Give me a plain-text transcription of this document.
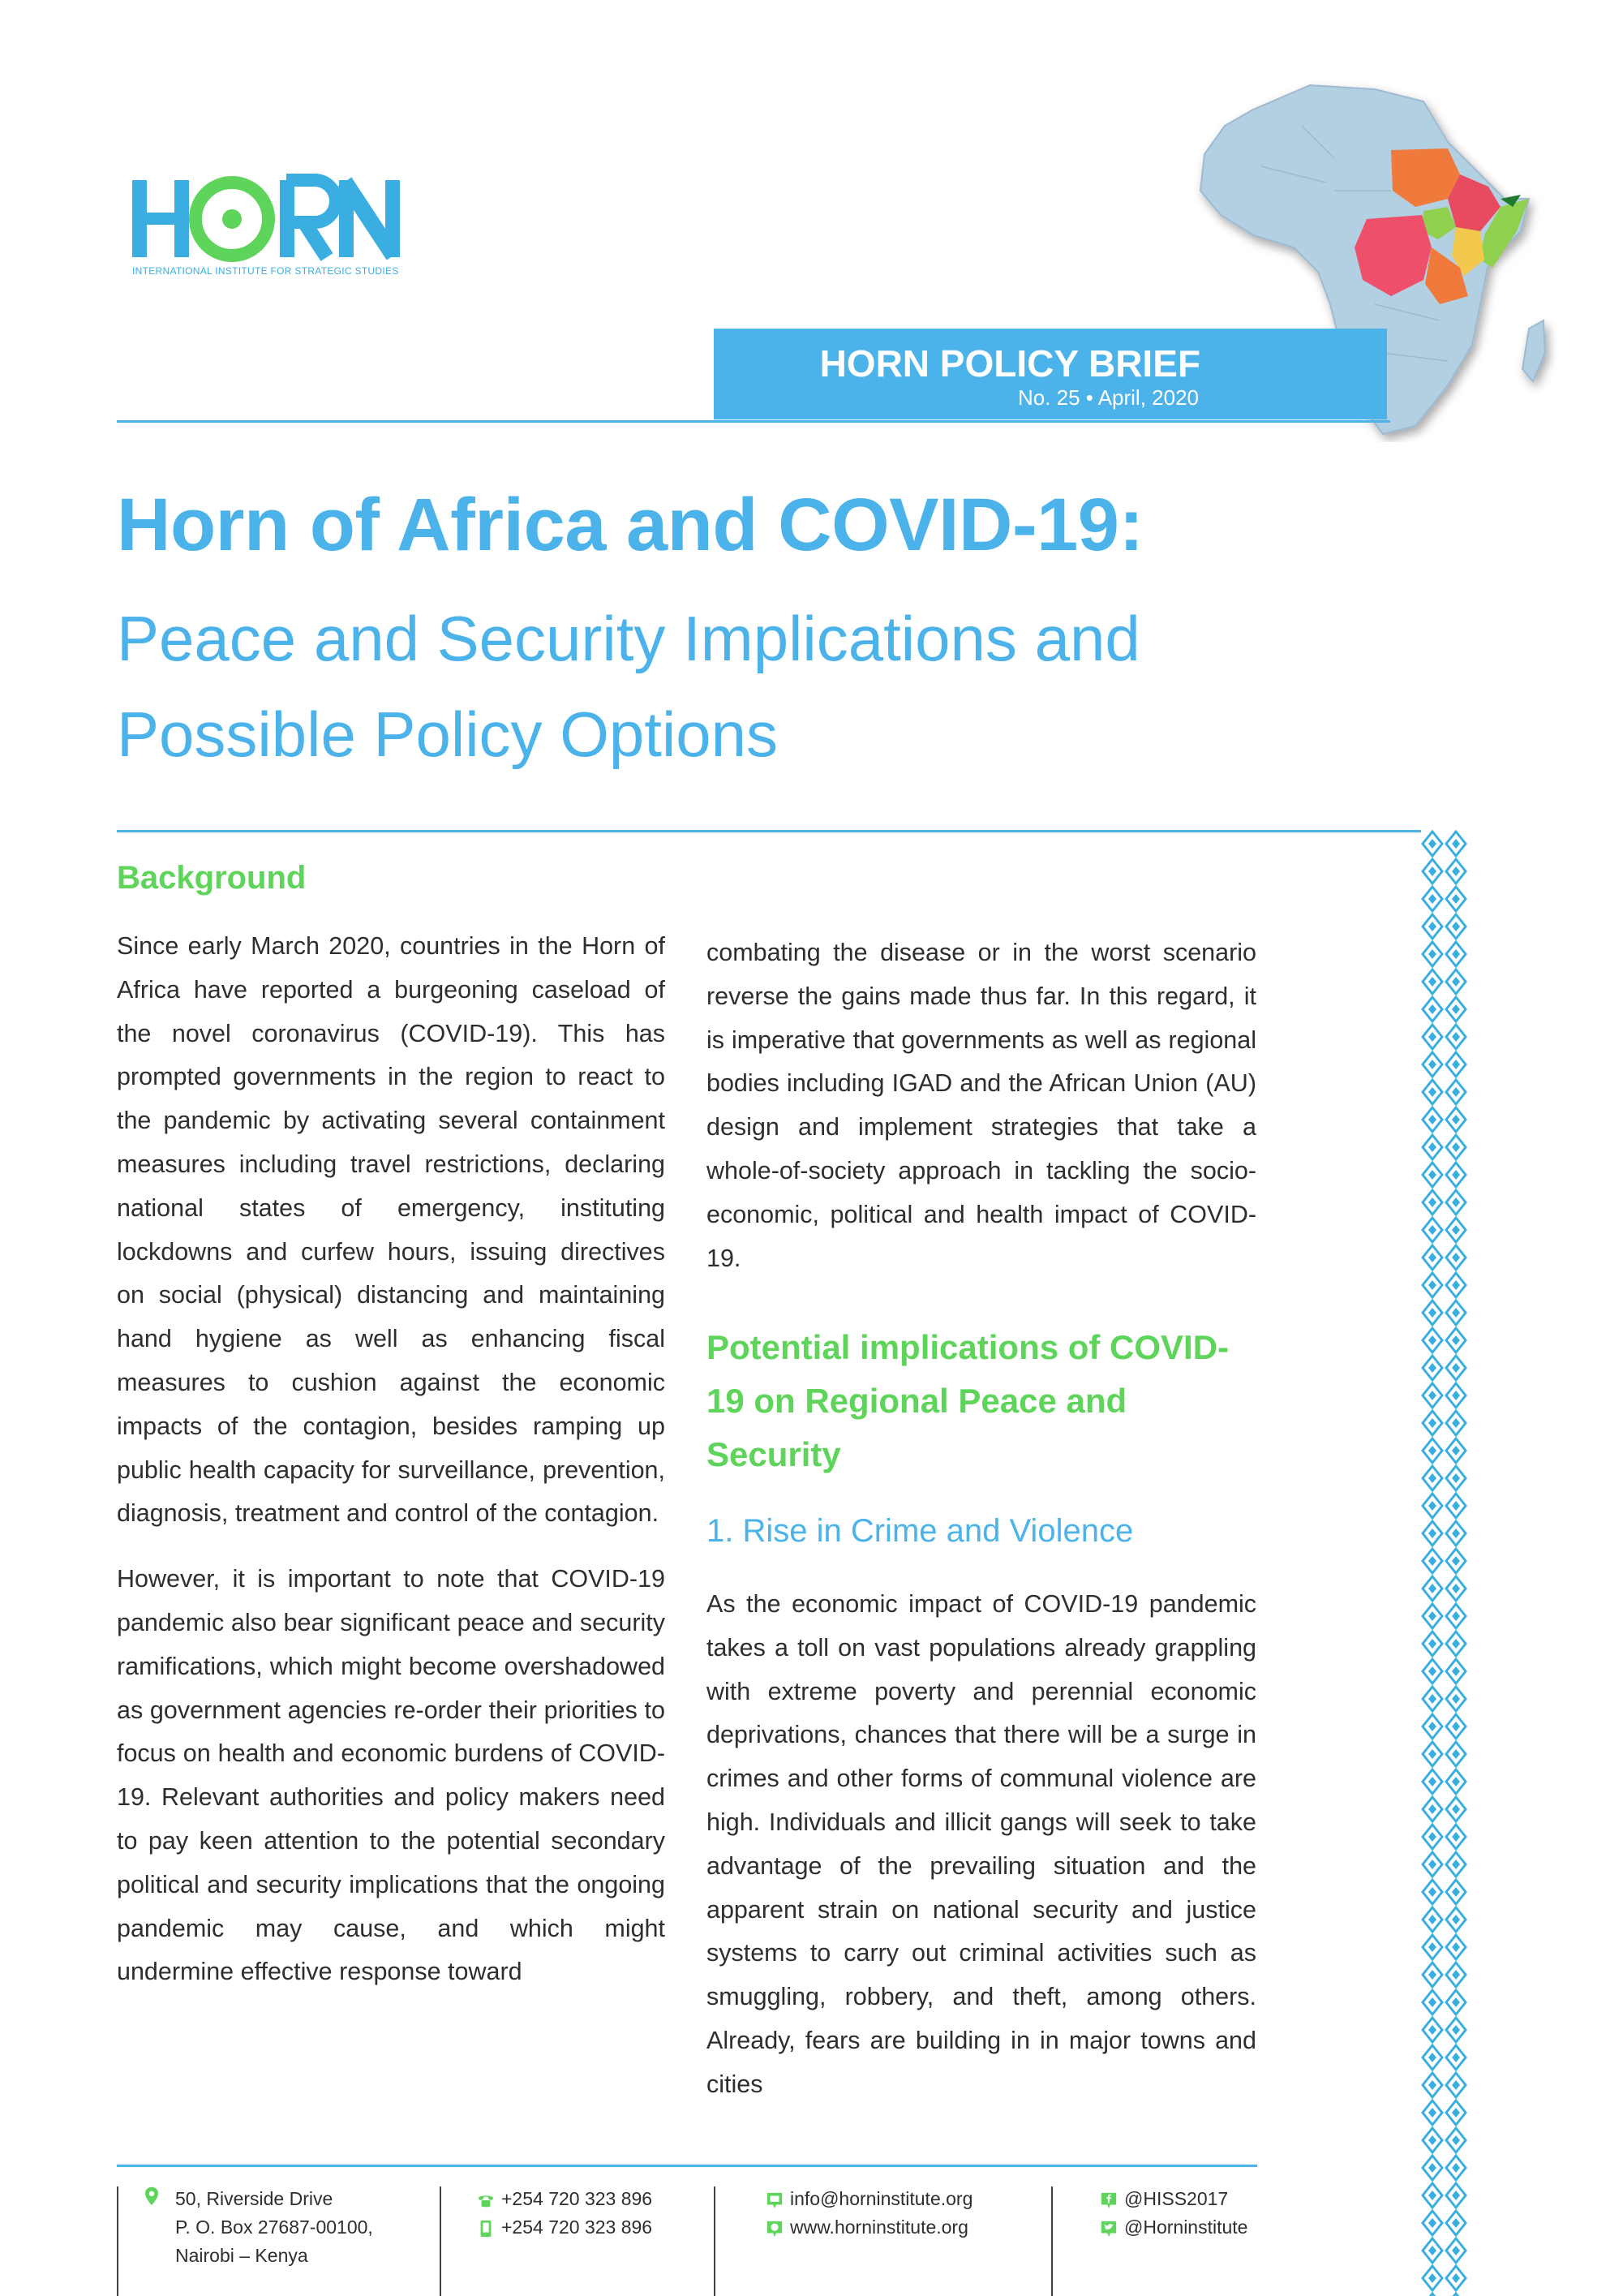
INTERNATIONAL INSTITUTE FOR STRATEGIC STUDIES
HORN POLICY BRIEF
No. 25 • April, 2020
Horn of Africa and COVID-19:
Peace and Security Implications and Possible Policy Options
Background

Since early March 2020, countries in the Horn of Africa have reported a burgeoning caseload of the novel coronavirus (COVID-19). This has prompted governments in the region to react to the pandemic by activating several containment measures including travel restrictions, declaring national states of emergency, instituting lockdowns and curfew hours, issuing directives on social (physical) distancing and maintaining hand hygiene as well as enhancing fiscal measures to cushion against the economic impacts of the contagion, besides ramping up public health capacity for surveillance, prevention, diagnosis, treatment and control of the contagion.

However, it is important to note that COVID-19 pandemic also bear significant peace and security ramifications, which might become overshadowed as government agencies re-order their priorities to focus on health and economic burdens of COVID-19. Relevant authorities and policy makers need to pay keen attention to the potential secondary political and security implications that the ongoing pandemic may cause, and which might undermine effective response toward

combating the disease or in the worst scenario reverse the gains made thus far. In this regard, it is imperative that governments as well as regional bodies including IGAD and the African Union (AU) design and implement strategies that take a whole-of-society approach in tackling the socio-economic, political and health impact of COVID-19.

Potential implications of COVID-19 on Regional Peace and Security
1. Rise in Crime and Violence

As the economic impact of COVID-19 pandemic takes a toll on vast populations already grappling with extreme poverty and perennial economic deprivations, chances that there will be a surge in crimes and other forms of communal violence are high. Individuals and illicit gangs will seek to take advantage of the prevailing situation and the apparent strain on national security and justice systems to carry out criminal activities such as smuggling, robbery, and theft, among others. Already, fears are building in in major towns and cities

50, Riverside Drive
P. O. Box 27687-00100,
Nairobi – Kenya
+254 720 323 896
+254 720 323 896
info@horninstitute.org
www.horninstitute.org
@HISS2017
@Horninstitute
